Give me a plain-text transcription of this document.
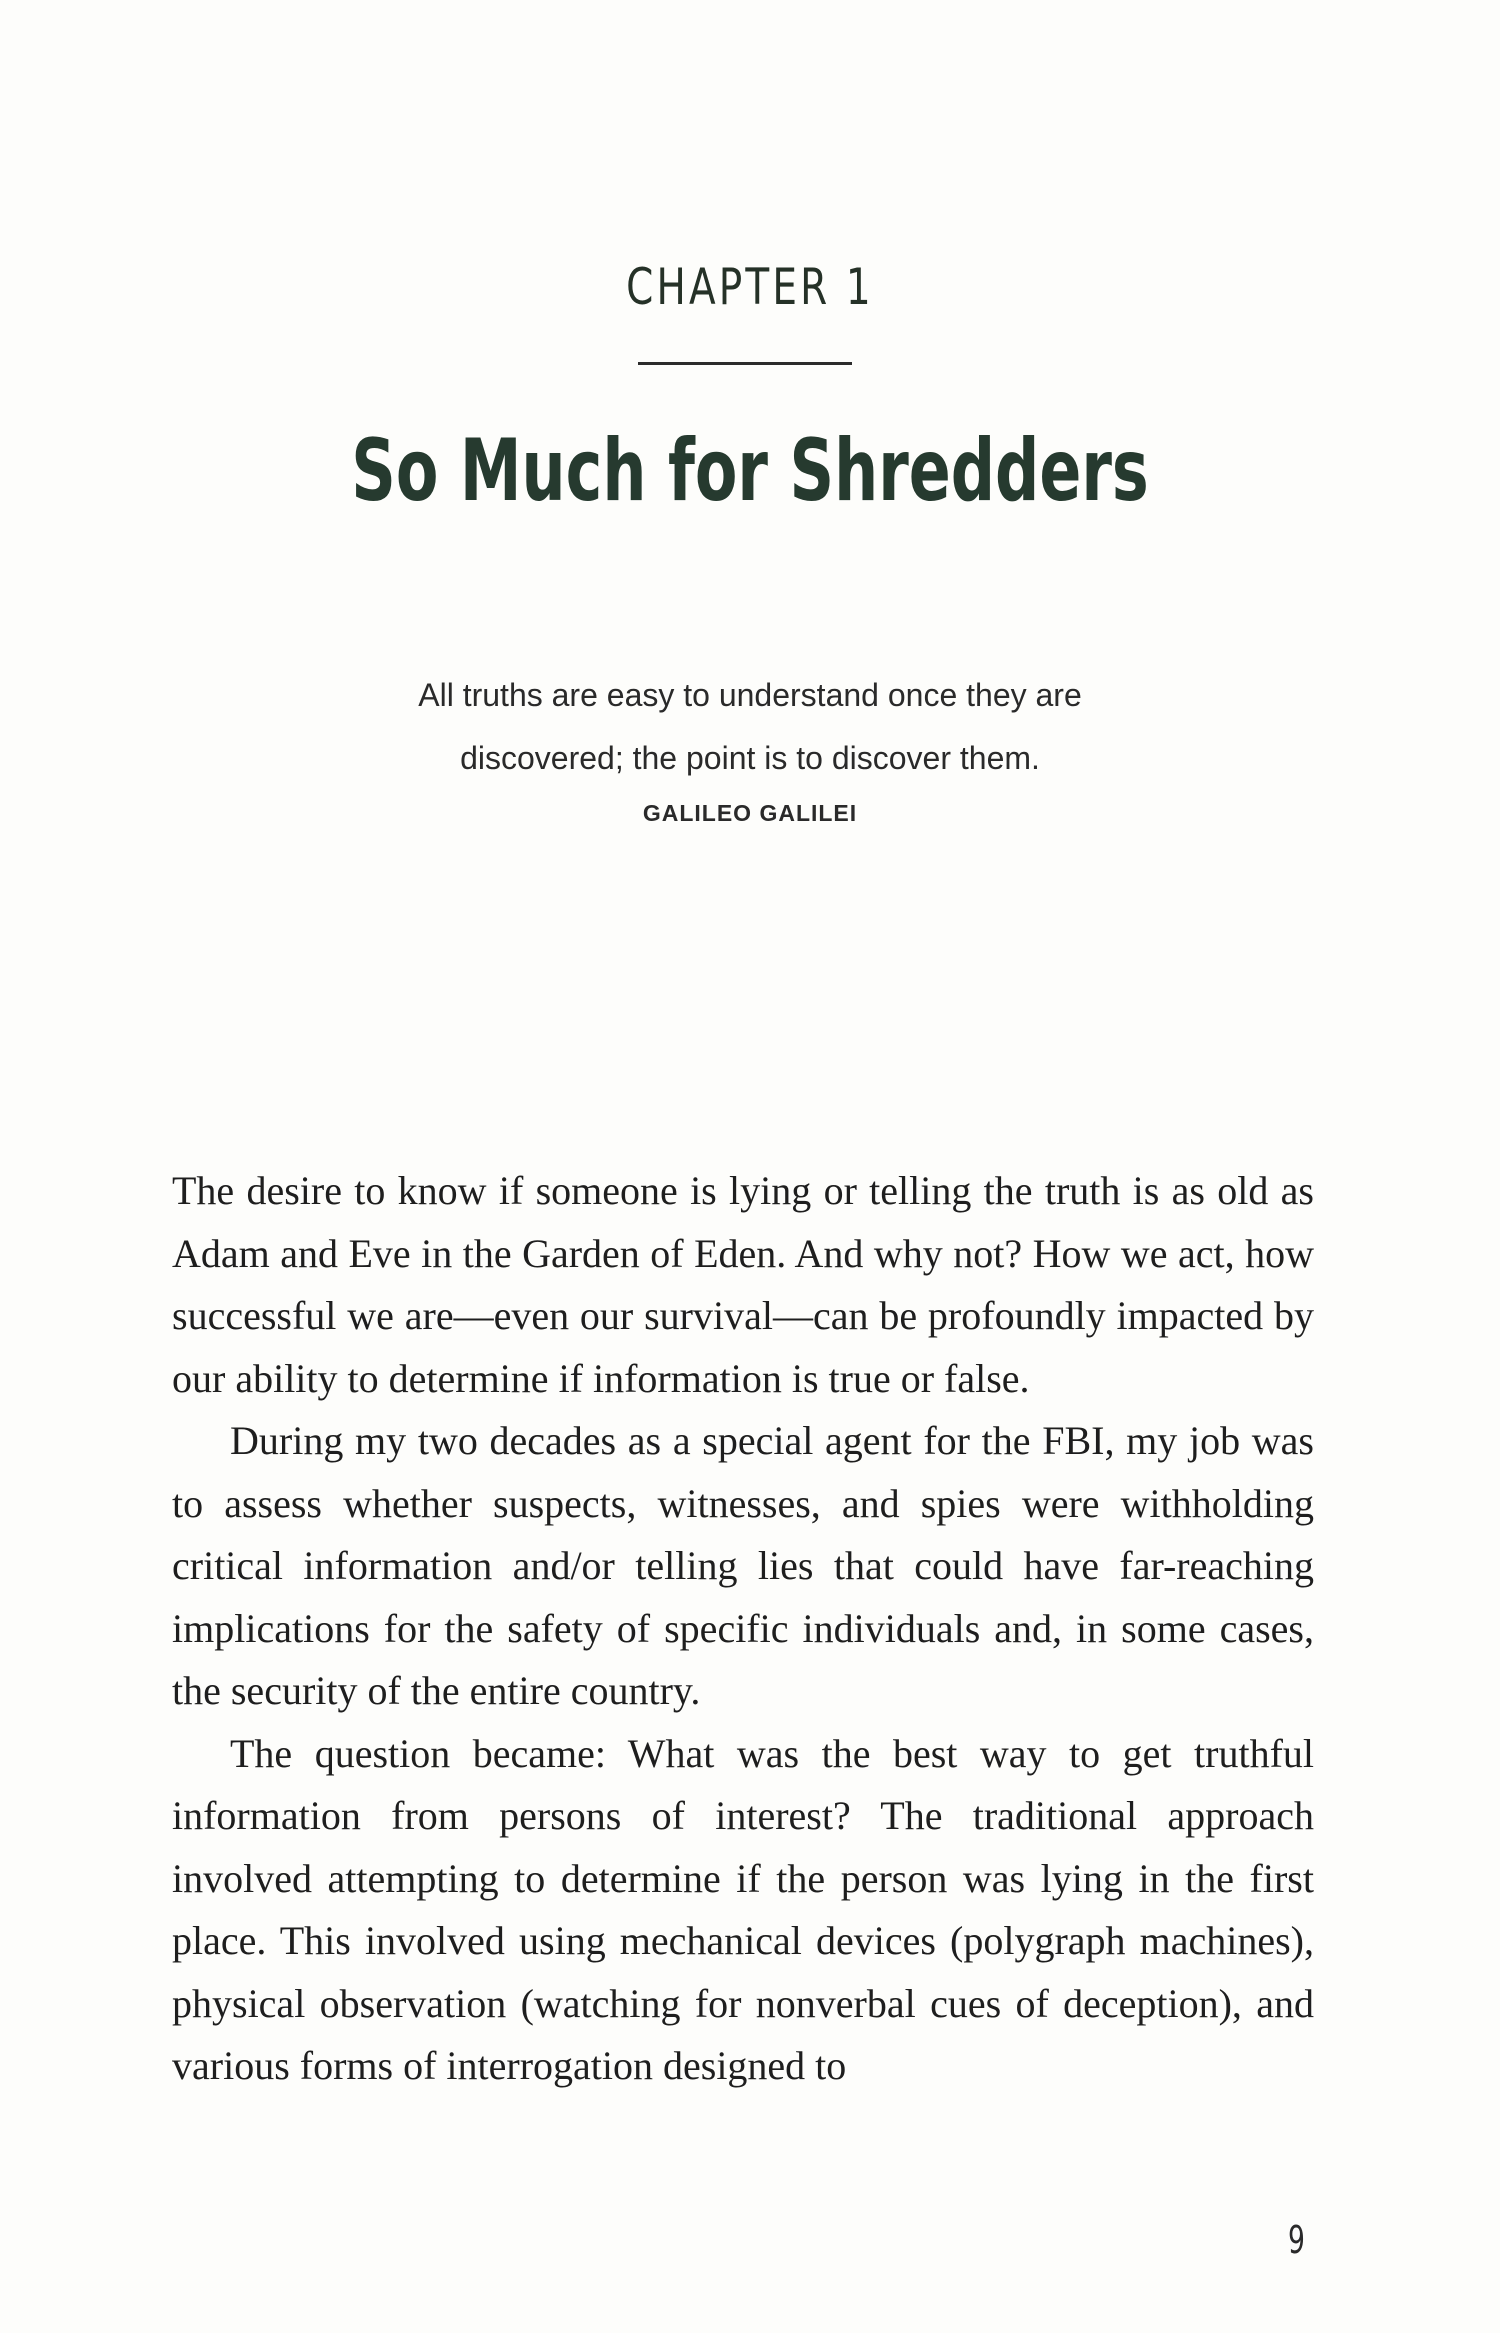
CHAPTER 1
So Much for Shredders
All truths are easy to understand once they are
discovered; the point is to discover them.
GALILEO GALILEI

The desire to know if someone is lying or telling the truth is as old as Adam and Eve in the Garden of Eden. And why not? How we act, how successful we are—even our survival—can be profoundly impacted by our ability to determine if information is true or false.

During my two decades as a special agent for the FBI, my job was to assess whether suspects, witnesses, and spies were withholding critical information and/or telling lies that could have far-reaching implications for the safety of specific individuals and, in some cases, the security of the entire country.

The question became: What was the best way to get truthful information from persons of interest? The traditional approach involved attempting to determine if the person was lying in the first place. This involved using mechanical devices (polygraph machines), physical observation (watching for nonverbal cues of deception), and various forms of interrogation designed to

9
